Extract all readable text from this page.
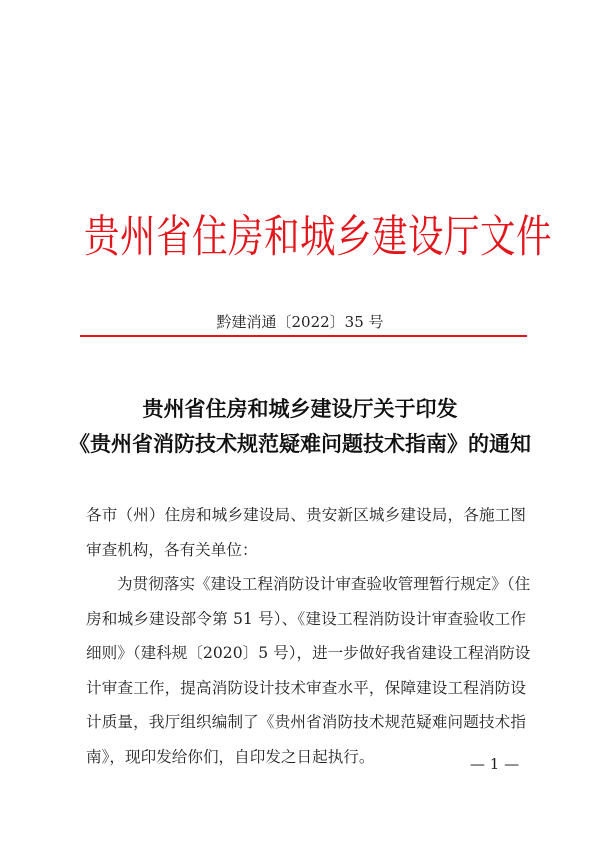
贵州省住房和城乡建设厅文件
黔建消通〔2022〕35 号
贵州省住房和城乡建设厅关于印发
《贵州省消防技术规范疑难问题技术指南》的通知
各市（州）住房和城乡建设局、贵安新区城乡建设局，各施工图
审查机构，各有关单位：
为贯彻落实《建设工程消防设计审查验收管理暂行规定》（住
房和城乡建设部令第 51 号）、《建设工程消防设计审查验收工作
细则》（建科规〔2020〕5 号），进一步做好我省建设工程消防设
计审查工作，提高消防设计技术审查水平，保障建设工程消防设
计质量，我厅组织编制了《贵州省消防技术规范疑难问题技术指
南》，现印发给你们，自印发之日起执行。	— 1 —
